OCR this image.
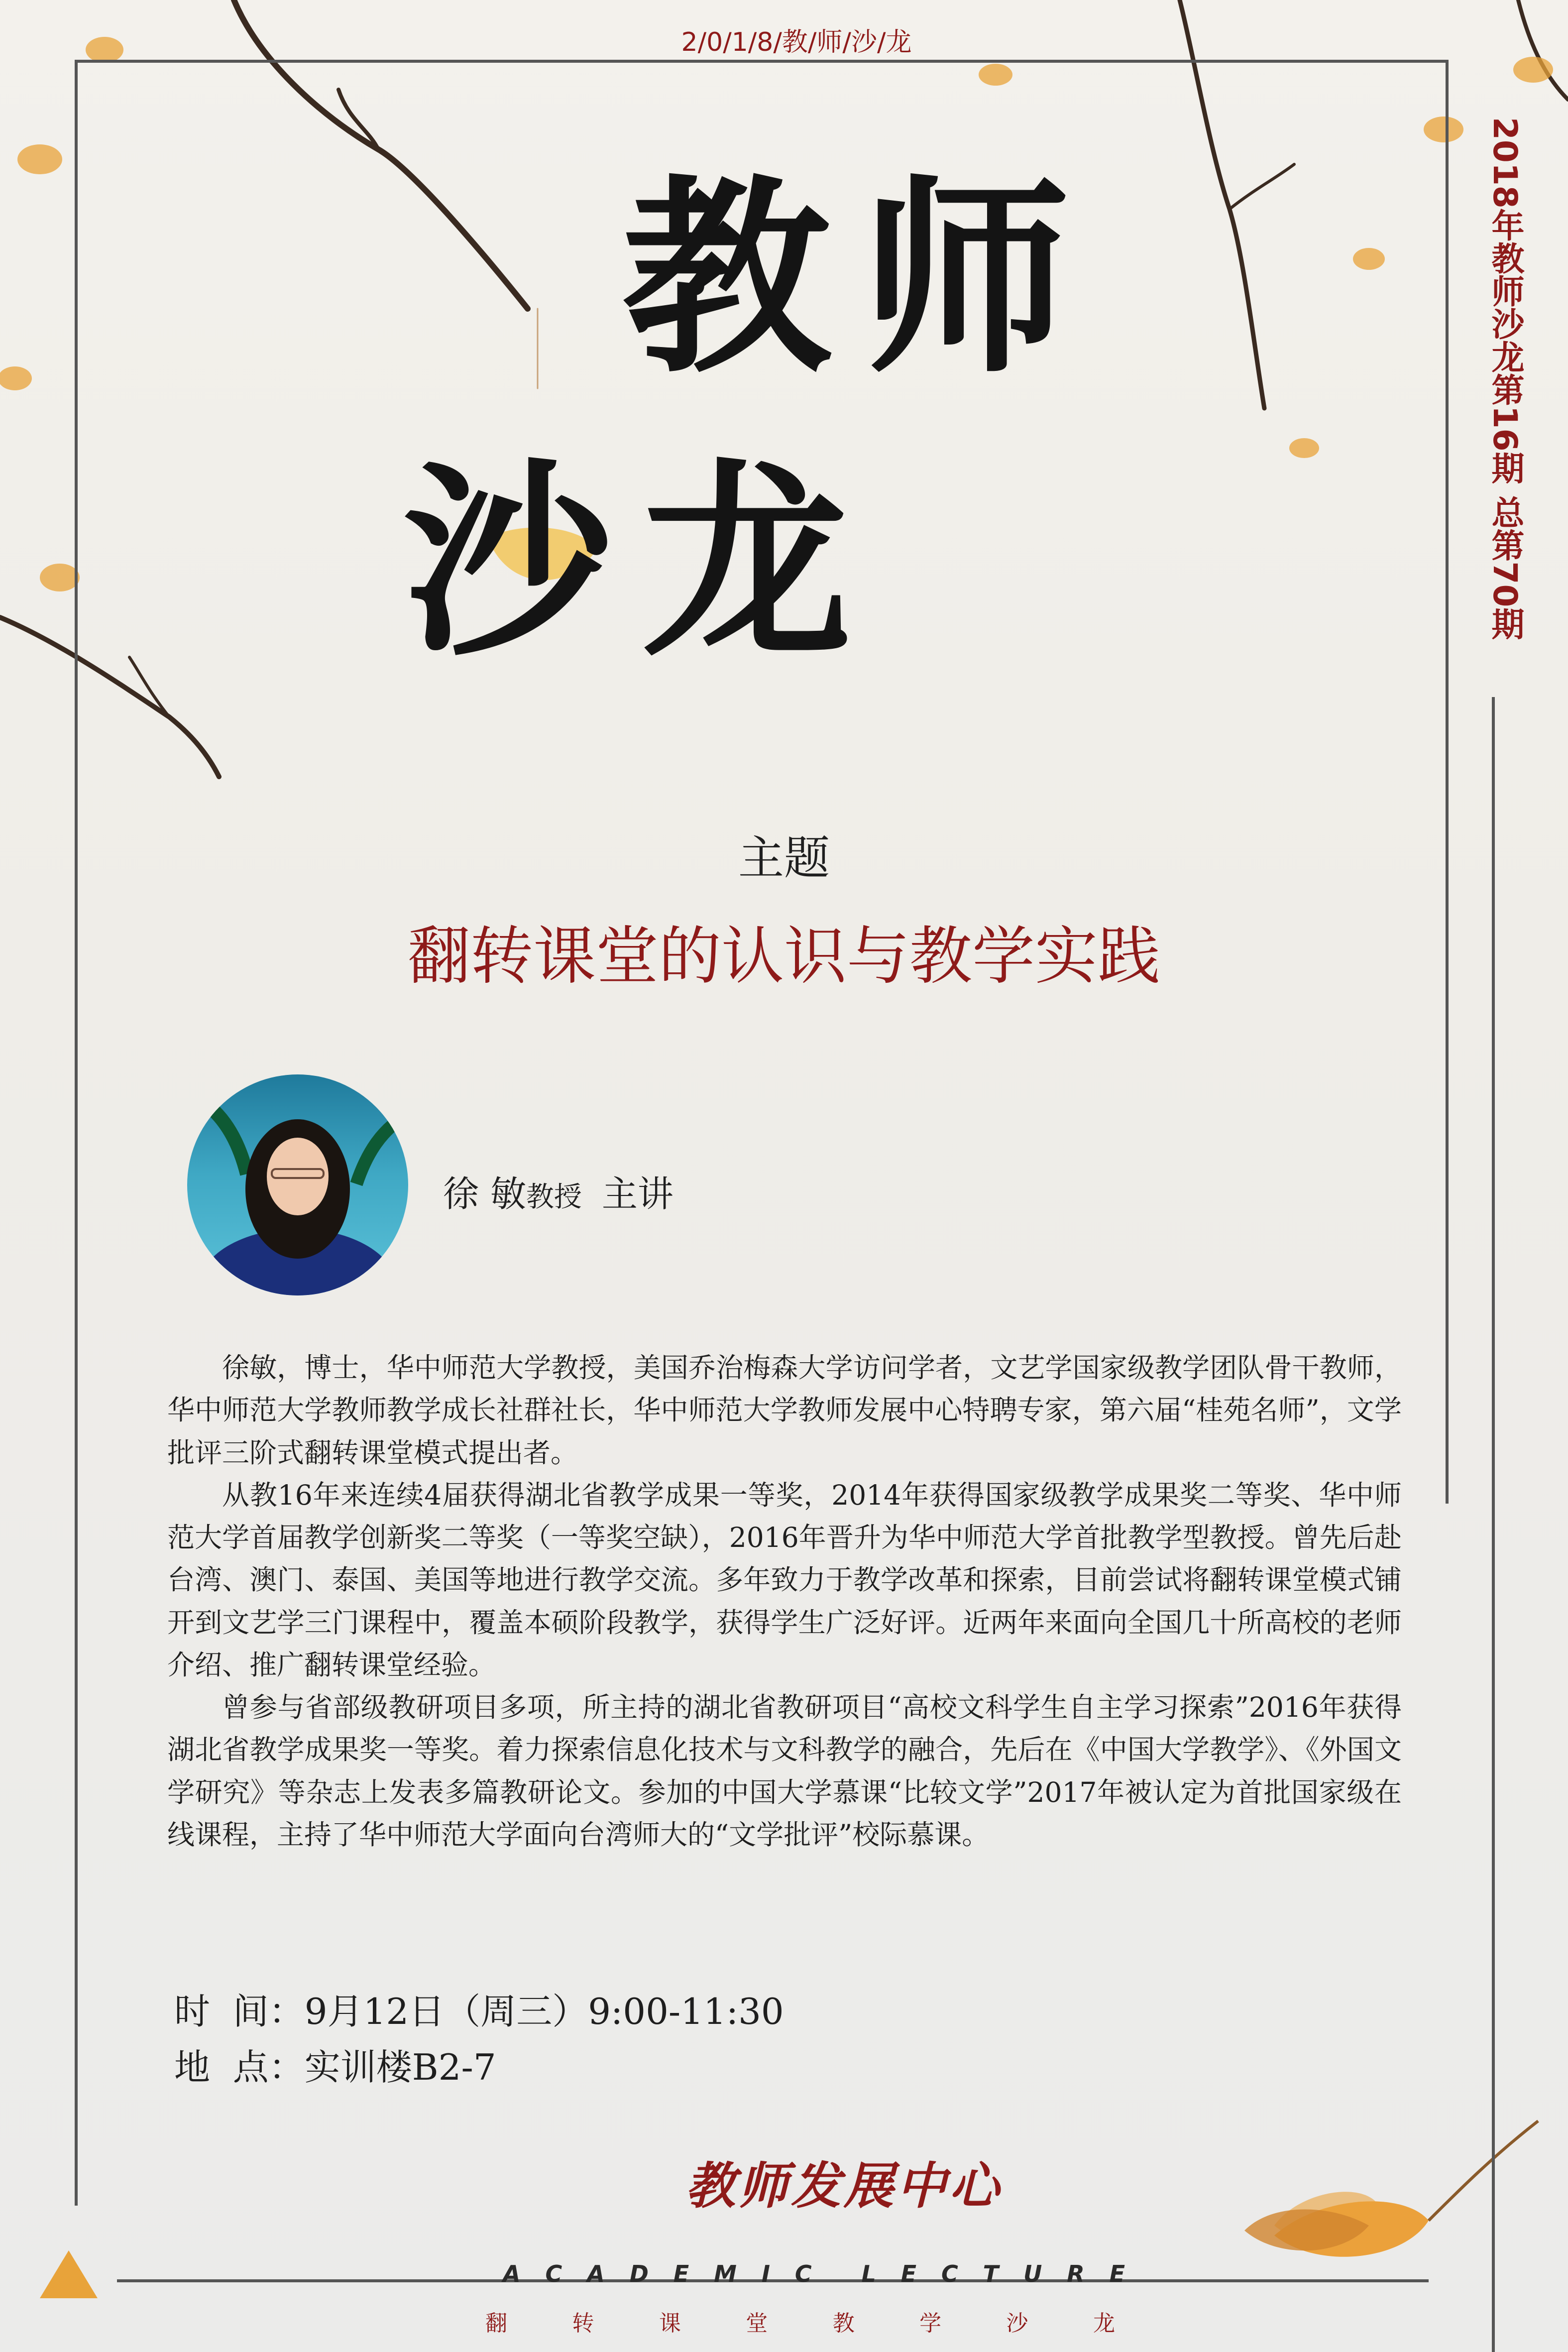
2/0/1/8/教/师/沙/龙
教师
沙龙	2018年教师沙龙第16期 总第70期
主题
翻转课堂的认识与教学实践
徐 敏教授 主讲

徐敏，博士，华中师范大学教授，美国乔治梅森大学访问学者，文艺学国家级教学团队骨干教师，华中师范大学教师教学成长社群社长，华中师范大学教师发展中心特聘专家，第六届“桂苑名师”，文学批评三阶式翻转课堂模式提出者。

从教16年来连续4届获得湖北省教学成果一等奖，2014年获得国家级教学成果奖二等奖、华中师范大学首届教学创新奖二等奖（一等奖空缺），2016年晋升为华中师范大学首批教学型教授。曾先后赴台湾、澳门、泰国、美国等地进行教学交流。多年致力于教学改革和探索，目前尝试将翻转课堂模式铺开到文艺学三门课程中，覆盖本硕阶段教学，获得学生广泛好评。近两年来面向全国几十所高校的老师介绍、推广翻转课堂经验。

曾参与省部级教研项目多项，所主持的湖北省教研项目“高校文科学生自主学习探索”2016年获得湖北省教学成果奖一等奖。着力探索信息化技术与文科教学的融合，先后在《中国大学教学》、《外国文学研究》等杂志上发表多篇教研论文。参加的中国大学慕课“比较文学”2017年被认定为首批国家级在线课程，主持了华中师范大学面向台湾师大的“文学批评”校际慕课。

时  间：9月12日（周三）9:00-11:30
地  点：实训楼B2-7
教师发展中心
A C A D E M I C L E C T U R E
翻	转	课	堂	教	学	沙	龙
